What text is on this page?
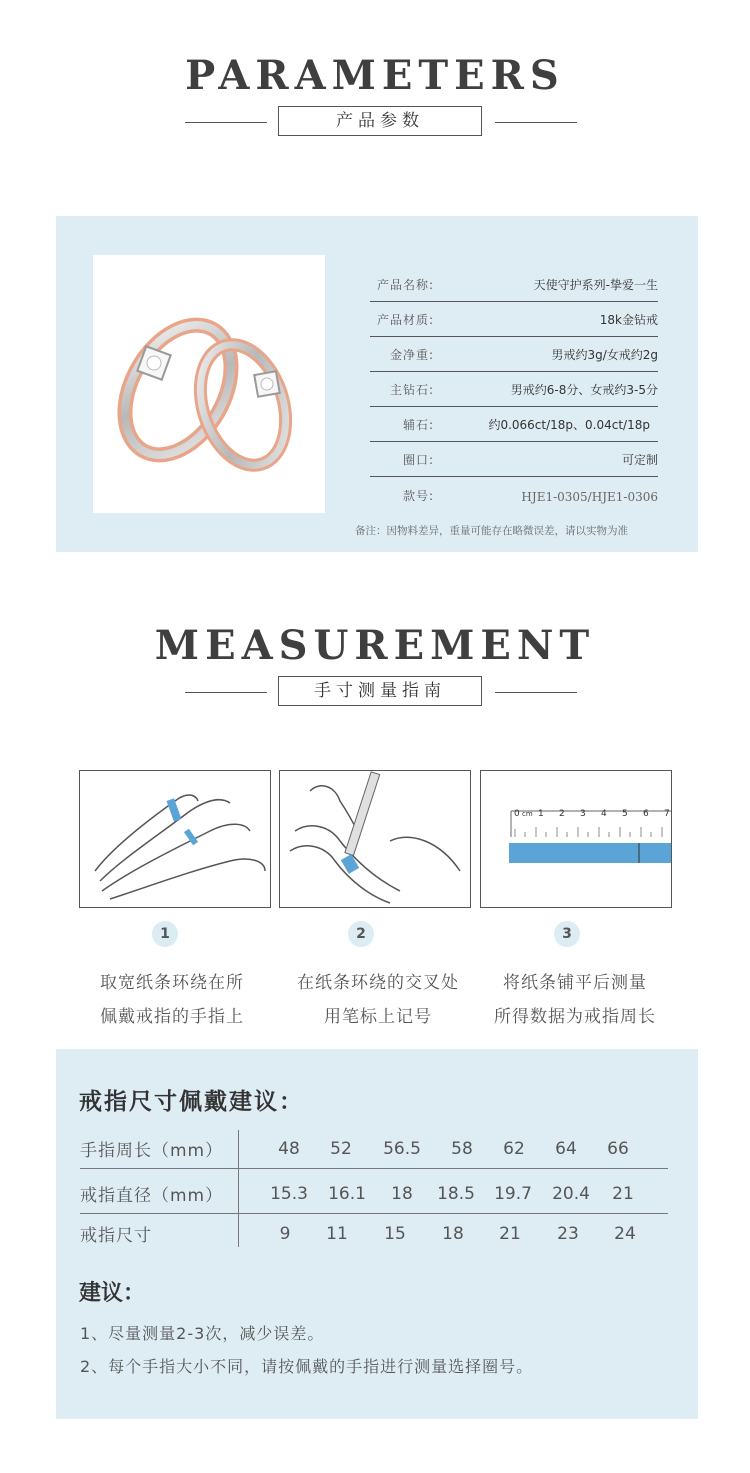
PARAMETERS
产品参数
产品名称:	天使守护系列-挚爱一生
产品材质:	18k金钻戒
金净重:	男戒约3g/女戒约2g
主钻石:	男戒约6-8分、女戒约3-5分
辅石:	约0.066ct/18p、0.04ct/18p
圈口:	可定制
款号:	HJE1-0305/HJE1-0306
备注：因物料差异，重量可能存在略微误差，请以实物为准
MEASUREMENT
手寸测量指南
0 cm 1 2 3 4 5 6 7
1	2	3
取宽纸条环绕在所
佩戴戒指的手指上
在纸条环绕的交叉处
用笔标上记号
将纸条铺平后测量
所得数据为戒指周长
戒指尺寸佩戴建议：
手指周长（mm）	48	52	56.5	58	62	64	66
戒指直径（mm）	15.3	16.1	18	18.5	19.7	20.4	21
戒指尺寸	9	11	15	18	21	23	24
建议：
1、尽量测量2-3次，减少误差。
2、每个手指大小不同，请按佩戴的手指进行测量选择圈号。
